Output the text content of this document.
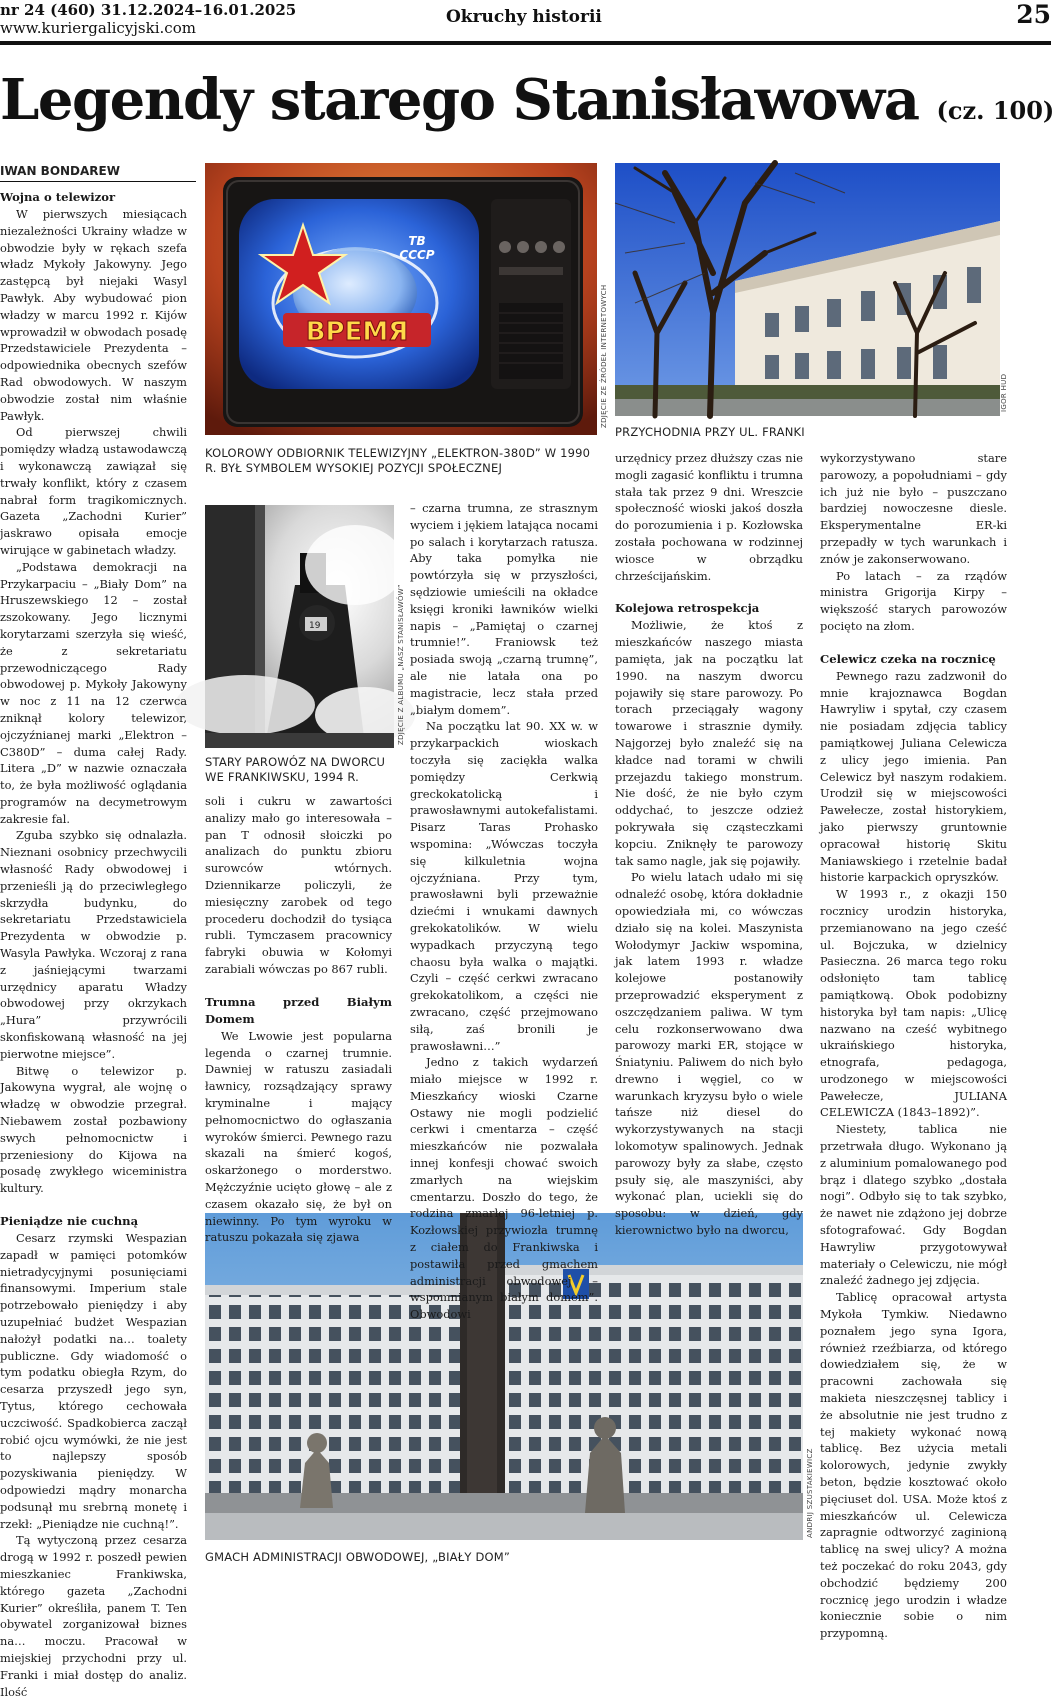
nr 24 (460) 31.12.2024–16.01.2025
www.kuriergalicyjski.com
Okruchy historii	25
Legendy starego Stanisławowa (cz. 100)
IWAN BONDAREW
ВРЕМЯ
ТВ
СССР
ZDJĘCIE ZE ŹRÓDEŁ INTERNETOWYCH
KOLOROWY ODBIORNIK TELEWIZYJNY „ELEKTRON-380D” W 1990 R. BYŁ SYMBOLEM WYSOKIEJ POZYCJI SPOŁECZNEJ
IGOR HUD
PRZYCHODNIA PRZY UL. FRANKI
19	ZDJĘCIE Z ALBUMU „NASZ STANISŁAWÓW”
STARY PAROWÓZ NA DWORCU WE FRANKIWSKU, 1994 R.
ANDRIJ SZUSTAKIEWICZ
GMACH ADMINISTRACJI OBWODOWEJ, „BIAŁY DOM”
Wojna o telewizor

W pierwszych miesiącach niezależności Ukrainy władze w obwodzie były w rękach szefa władz Mykoły Jakowyny. Jego zastępcą był niejaki Wasyl Pawłyk. Aby wybudować pion władzy w marcu 1992 r. Kijów wprowadził w obwodach posadę Przedstawiciele Prezydenta – odpowiednika obecnych szefów Rad obwodowych. W naszym obwodzie został nim właśnie Pawłyk.

Od pierwszej chwili pomiędzy władzą ustawodawczą i wykonawczą zawiązał się trwały konflikt, który z czasem nabrał form tragikomicznych. Gazeta „Zachodni Kurier” jaskrawo opisała emocje wirujące w gabinetach władzy.

„Podstawa demokracji na Przykarpaciu – „Biały Dom” na Hruszewskiego 12 – został zszokowany. Jego licznymi korytarzami szerzyła się wieść, że z sekretariatu przewodniczącego Rady obwodowej p. Mykoły Jakowyny w noc z 11 na 12 czerwca zniknął kolory telewizor, ojczyźnianej marki „Elektron – C380D” – duma całej Rady. Litera „D” w nazwie oznaczała to, że była możliwość oglądania programów na decymetrowym zakresie fal.

Zguba szybko się odnalazła. Nieznani osobnicy przechwycili własność Rady obwodowej i przenieśli ją do przeciwległego skrzydła budynku, do sekretariatu Przedstawiciela Prezydenta w obwodzie p. Wasyla Pawłyka. Wczoraj z rana z jaśniejącymi twarzami urzędnicy aparatu Władzy obwodowej przy okrzykach „Hura” przywrócili skonfiskowaną własność na jej pierwotne miejsce”.

Bitwę o telewizor p. Jakowyna wygrał, ale wojnę o władzę w obwodzie przegrał. Niebawem został pozbawiony swych pełnomocnictw i przeniesiony do Kijowa na posadę zwykłego wiceministra kultury.

Pieniądze nie cuchną

Cesarz rzymski Wespazian zapadł w pamięci potomków nietradycyjnymi posunięciami finansowymi. Imperium stale potrzebowało pieniędzy i aby uzupełniać budżet Wespazian nałożył podatki na… toalety publiczne. Gdy wiadomość o tym podatku obiegła Rzym, do cesarza przyszedł jego syn, Tytus, którego cechowała uczciwość. Spadkobierca zaczął robić ojcu wymówki, że nie jest to najlepszy sposób pozyskiwania pieniędzy. W odpowiedzi mądry monarcha podsunął mu srebrną monetę i rzekł: „Pieniądze nie cuchną!”.

Tą wytyczoną przez cesarza drogą w 1992 r. poszedł pewien mieszkaniec Frankiwska, którego gazeta „Zachodni Kurier” określiła, panem T. Ten obywatel zorganizował biznes na… moczu. Pracował w miejskiej przychodni przy ul. Franki i miał dostęp do analiz. Ilość

soli i cukru w zawartości analizy mało go interesowała – pan T odnosił słoiczki po analizach do punktu zbioru surowców wtórnych. Dziennikarze policzyli, że miesięczny zarobek od tego procederu dochodził do tysiąca rubli. Tymczasem pracownicy fabryki obuwia w Kołomyi zarabiali wówczas po 867 rubli.

Trumna przed Białym Domem

We Lwowie jest popularna legenda o czarnej trumnie. Dawniej w ratuszu zasiadali ławnicy, rozsądzający sprawy kryminalne i mający pełnomocnictwo do ogłaszania wyroków śmierci. Pewnego razu skazali na śmierć kogoś, oskarżonego o morderstwo. Mężczyźnie ucięto głowę – ale z czasem okazało się, że był on niewinny. Po tym wyroku w ratuszu pokazała się zjawa

– czarna trumna, ze strasznym wyciem i jękiem latająca nocami po salach i korytarzach ratusza. Aby taka pomyłka nie powtórzyła się w przyszłości, sędziowie umieścili na okładce księgi kroniki ławników wielki napis – „Pamiętaj o czarnej trumnie!”. Franiowsk też posiada swoją „czarną trumnę”, ale nie latała ona po magistracie, lecz stała przed „białym domem”.

Na początku lat 90. XX w. w przykarpackich wioskach toczyła się zaciękła walka pomiędzy Cerkwią greckokatolicką i prawosławnymi autokefalistami. Pisarz Taras Prohasko wspomina: „Wówczas toczyła się kilkuletnia wojna ojczyźniana. Przy tym, prawosławni byli przeważnie dziećmi i wnukami dawnych grekokatolików. W wielu wypadkach przyczyną tego chaosu była walka o majątki. Czyli – część cerkwi zwracano grekokatolikom, a części nie zwracano, część przejmowano siłą, zaś bronili je prawosławni…”

Jedno z takich wydarzeń miało miejsce w 1992 r. Mieszkańcy wioski Czarne Ostawy nie mogli podzielić cerkwi i cmentarza – część mieszkańców nie pozwalała innej konfesji chować swoich zmarłych na wiejskim cmentarzu. Doszło do tego, że rodzina zmarłej 96-letniej p. Kozłowskiej przywiozła trumnę z ciałem do Frankiwska i postawiła przed gmachem administracji obwodowej – wspomnianym białym domem”. Obwodowi

urzędnicy przez dłuższy czas nie mogli zagasić konfliktu i trumna stała tak przez 9 dni. Wreszcie społeczność wioski jakoś doszła do porozumienia i p. Kozłowska została pochowana w rodzinnej wiosce w obrządku chrześcijańskim.

Kolejowa retrospekcja

Możliwie, że ktoś z mieszkańców naszego miasta pamięta, jak na początku lat 1990. na naszym dworcu pojawiły się stare parowozy. Po torach przeciągały wagony towarowe i strasznie dymiły. Najgorzej było znaleźć się na kładce nad torami w chwili przejazdu takiego monstrum. Nie dość, że nie było czym oddychać, to jeszcze odzież pokrywała się cząsteczkami kopciu. Zniknęły te parowozy tak samo nagle, jak się pojawiły.

Po wielu latach udało mi się odnaleźć osobę, która dokładnie opowiedziała mi, co wówczas działo się na kolei. Maszynista Wołodymyr Jackiw wspomina, jak latem 1993 r. władze kolejowe postanowiły przeprowadzić eksperyment z oszczędzaniem paliwa. W tym celu rozkonserwowano dwa parowozy marki ER, stojące w Śniatyniu. Paliwem do nich było drewno i węgiel, co w warunkach kryzysu było o wiele tańsze niż diesel do wykorzystywanych na stacji lokomotyw spalinowych. Jednak parowozy były za słabe, często psuły się, ale maszyniści, aby wykonać plan, uciekli się do sposobu: w dzień, gdy kierownictwo było na dworcu,

wykorzystywano stare parowozy, a popołudniami – gdy ich już nie było – puszczano bardziej nowoczesne diesle. Eksperymentalne ER-ki przepadły w tych warunkach i znów je zakonserwowano.

Po latach – za rządów ministra Grigorija Kirpy – większość starych parowozów pocięto na złom.

Celewicz czeka na rocznicę

Pewnego razu zadzwonił do mnie krajoznawca Bogdan Hawryliw i spytał, czy czasem nie posiadam zdjęcia tablicy pamiątkowej Juliana Celewicza z ulicy jego imienia. Pan Celewicz był naszym rodakiem. Urodził się w miejscowości Pawełecze, został historykiem, jako pierwszy gruntownie opracował historię Skitu Maniawskiego i rzetelnie badał historie karpackich opryszków.

W 1993 r., z okazji 150 rocznicy urodzin historyka, przemianowano na jego cześć ul. Bojczuka, w dzielnicy Pasieczna. 26 marca tego roku odsłonięto tam tablicę pamiątkową. Obok podobizny historyka był tam napis: „Ulicę nazwano na cześć wybitnego ukraińskiego historyka, etnografa, pedagoga, urodzonego w miejscowości Pawełecze, JULIANA CELEWICZA (1843–1892)”.

Niestety, tablica nie przetrwała długo. Wykonano ją z aluminium pomalowanego pod brąz i dlatego szybko „dostała nogi”. Odbyło się to tak szybko, że nawet nie zdążono jej dobrze sfotografować. Gdy Bogdan Hawryliw przygotowywał materiały o Celewiczu, nie mógł znaleźć żadnego jej zdjęcia.

Tablicę opracował artysta Mykoła Tymkiw. Niedawno poznałem jego syna Igora, również rzeźbiarza, od którego dowiedziałem się, że w pracowni zachowała się makieta nieszczęsnej tablicy i że absolutnie nie jest trudno z tej makiety wykonać nową tablicę. Bez użycia metali kolorowych, jedynie zwykły beton, będzie kosztować około pięciuset dol. USA. Może ktoś z mieszkańców ul. Celewicza zapragnie odtworzyć zaginioną tablicę na swej ulicy? A można też poczekać do roku 2043, gdy obchodzić będziemy 200 rocznicę jego urodzin i władze koniecznie sobie o nim przypomną.
